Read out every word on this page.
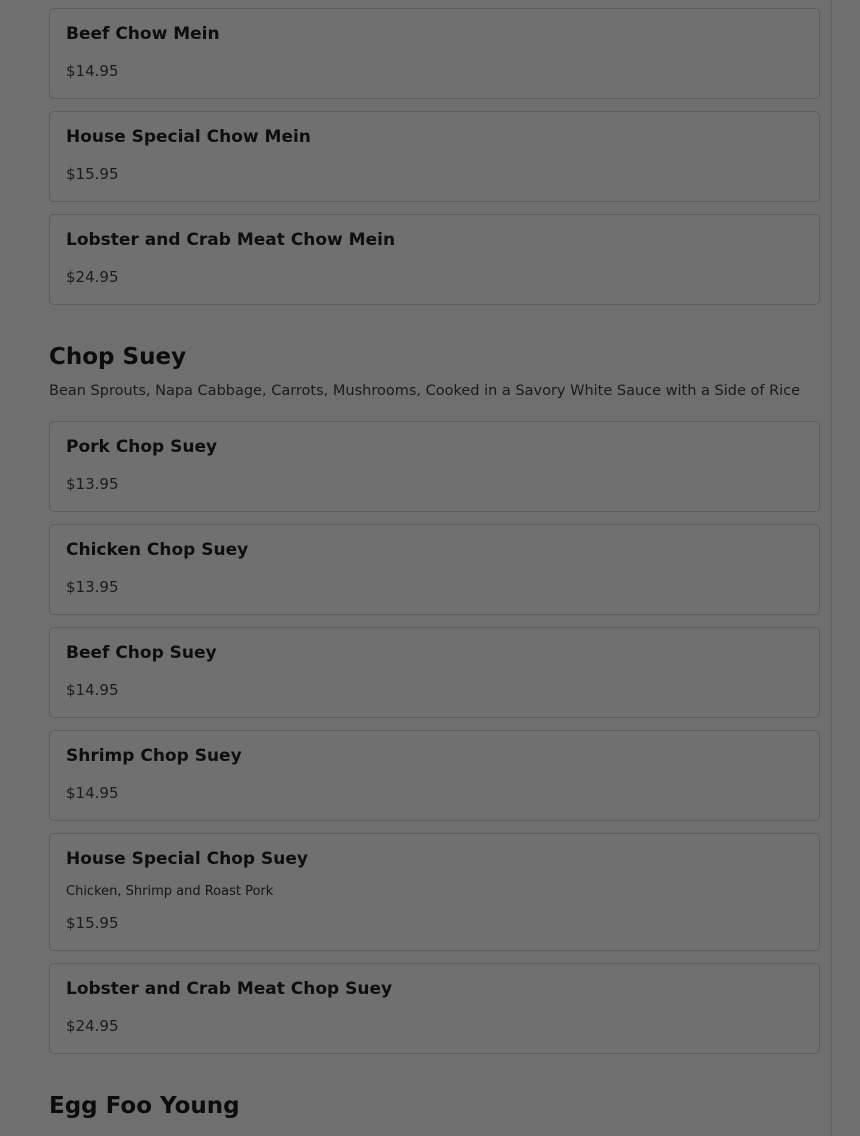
Beef Chow Mein
$14.95
House Special Chow Mein
$15.95
Lobster and Crab Meat Chow Mein
$24.95
Chop Suey
Bean Sprouts, Napa Cabbage, Carrots, Mushrooms, Cooked in a Savory White Sauce with a Side of Rice
Pork Chop Suey
$13.95
Chicken Chop Suey
$13.95
Beef Chop Suey
$14.95
Shrimp Chop Suey
$14.95
House Special Chop Suey
Chicken, Shrimp and Roast Pork
$15.95
Lobster and Crab Meat Chop Suey
$24.95
Egg Foo Young
